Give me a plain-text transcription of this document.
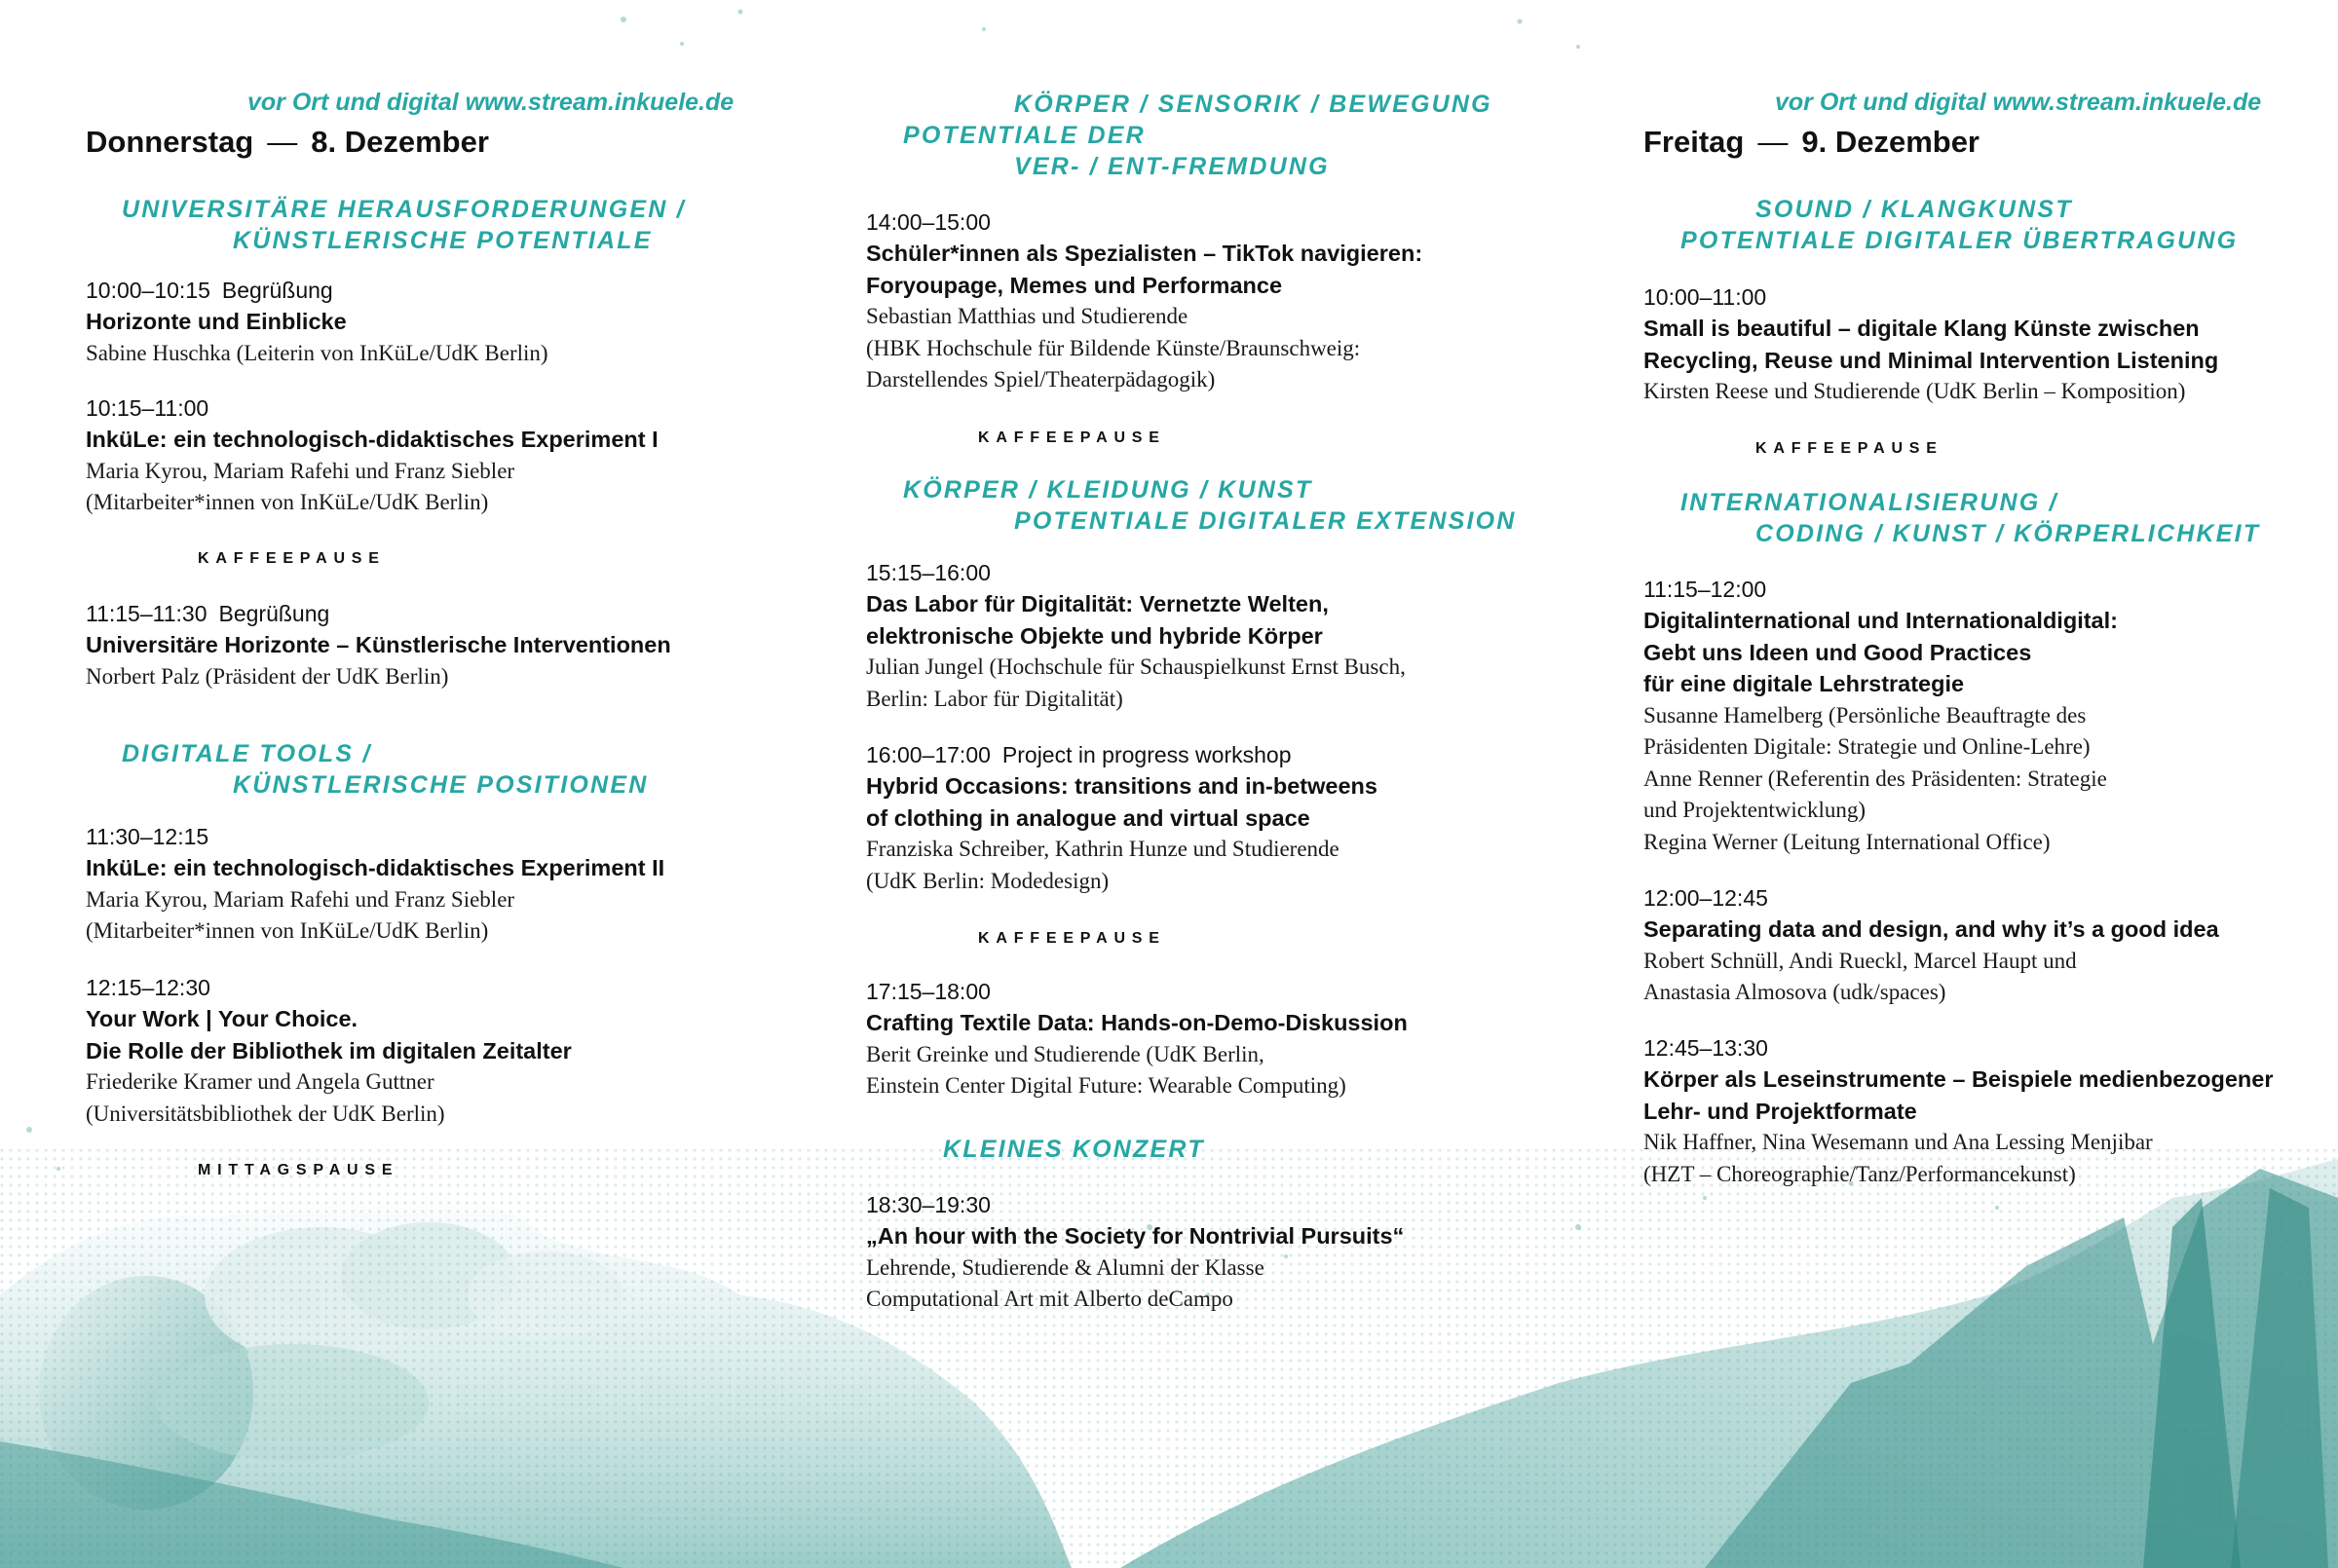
vor Ort und digital www.stream.inkuele.de
Donnerstag — 8. Dezember
UNIVERSITÄRE HERAUSFORDERUNGEN /
KÜNSTLERISCHE POTENTIALE
10:00–10:15 Begrüßung
Horizonte und Einblicke
Sabine Huschka (Leiterin von InKüLe/UdK Berlin)
10:15–11:00
InküLe: ein technologisch-didaktisches Experiment I
Maria Kyrou, Mariam Rafehi und Franz Siebler
(Mitarbeiter*innen von InKüLe/UdK Berlin)
KAFFEEPAUSE
11:15–11:30 Begrüßung
Universitäre Horizonte – Künstlerische Interventionen
Norbert Palz (Präsident der UdK Berlin)
DIGITALE TOOLS /
KÜNSTLERISCHE POSITIONEN
11:30–12:15
InküLe: ein technologisch-didaktisches Experiment II
Maria Kyrou, Mariam Rafehi und Franz Siebler
(Mitarbeiter*innen von InKüLe/UdK Berlin)
12:15–12:30
Your Work | Your Choice.
Die Rolle der Bibliothek im digitalen Zeitalter
Friederike Kramer und Angela Guttner
(Universitätsbibliothek der UdK Berlin)
MITTAGSPAUSE
KÖRPER / SENSORIK / BEWEGUNG
POTENTIALE DER
VER- / ENT-FREMDUNG
14:00–15:00
Schüler*innen als Spezialisten – TikTok navigieren:
Foryoupage, Memes und Performance
Sebastian Matthias und Studierende
(HBK Hochschule für Bildende Künste/Braunschweig:
Darstellendes Spiel/Theaterpädagogik)
KAFFEEPAUSE
KÖRPER / KLEIDUNG / KUNST
POTENTIALE DIGITALER EXTENSION
15:15–16:00
Das Labor für Digitalität: Vernetzte Welten,
elektronische Objekte und hybride Körper
Julian Jungel (Hochschule für Schauspielkunst Ernst Busch,
Berlin: Labor für Digitalität)
16:00–17:00 Project in progress workshop
Hybrid Occasions: transitions and in-betweens
of clothing in analogue and virtual space
Franziska Schreiber, Kathrin Hunze und Studierende
(UdK Berlin: Modedesign)
KAFFEEPAUSE
17:15–18:00
Crafting Textile Data: Hands-on-Demo-Diskussion
Berit Greinke und Studierende (UdK Berlin,
Einstein Center Digital Future: Wearable Computing)
KLEINES KONZERT
18:30–19:30
„An hour with the Society for Nontrivial Pursuits“
Lehrende, Studierende & Alumni der Klasse
Computational Art mit Alberto deCampo
vor Ort und digital www.stream.inkuele.de
Freitag — 9. Dezember
SOUND / KLANGKUNST
POTENTIALE DIGITALER ÜBERTRAGUNG
10:00–11:00
Small is beautiful – digitale Klang Künste zwischen
Recycling, Reuse und Minimal Intervention Listening
Kirsten Reese und Studierende (UdK Berlin – Komposition)
KAFFEEPAUSE
INTERNATIONALISIERUNG /
CODING / KUNST / KÖRPERLICHKEIT
11:15–12:00
Digitalinternational und Internationaldigital:
Gebt uns Ideen und Good Practices
für eine digitale Lehrstrategie
Susanne Hamelberg (Persönliche Beauftragte des
Präsidenten Digitale: Strategie und Online-Lehre)
Anne Renner (Referentin des Präsidenten: Strategie
und Projektentwicklung)
Regina Werner (Leitung International Office)
12:00–12:45
Separating data and design, and why it’s a good idea
Robert Schnüll, Andi Rueckl, Marcel Haupt und
Anastasia Almosova (udk/spaces)
12:45–13:30
Körper als Leseinstrumente – Beispiele medienbezogener
Lehr- und Projektformate
Nik Haffner, Nina Wesemann und Ana Lessing Menjibar
(HZT – Choreographie/Tanz/Performancekunst)
